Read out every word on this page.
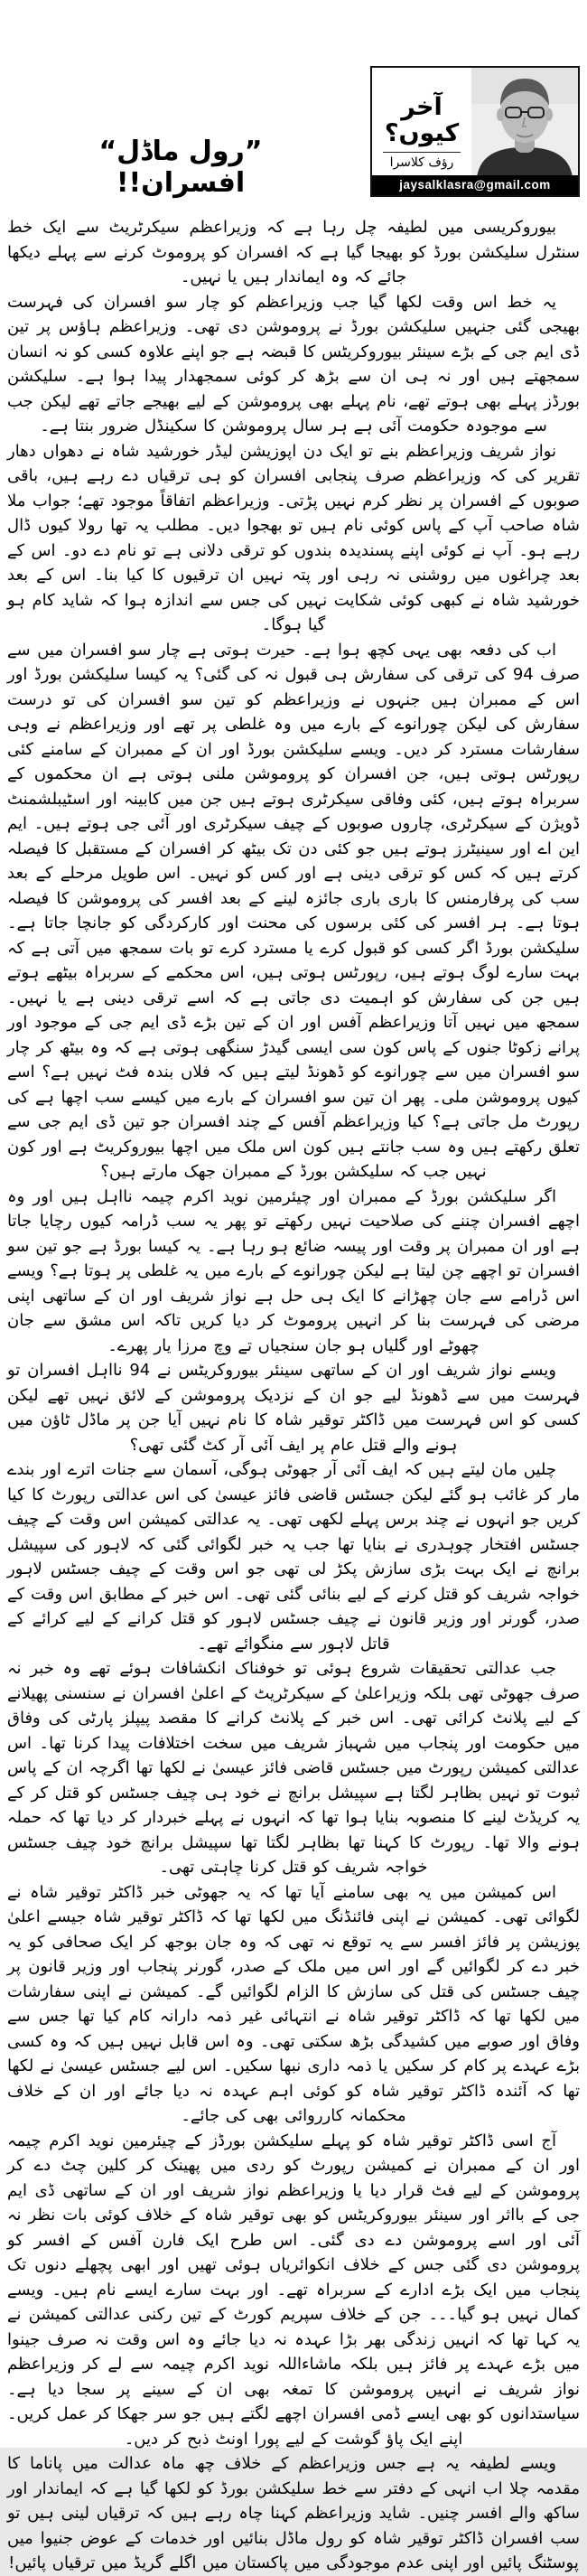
”رول ماڈل“ افسران!!
آخر کیوں؟
رؤف کلاسرا
jaysalklasra@gmail.com

بیوروکریسی میں لطیفہ چل رہا ہے کہ وزیراعظم سیکرٹریٹ سے ایک خط سنٹرل سلیکشن بورڈ کو بھیجا گیا ہے کہ افسران کو پروموٹ کرنے سے پہلے دیکھا جائے کہ وہ ایماندار ہیں یا نہیں۔

یہ خط اس وقت لکھا گیا جب وزیراعظم کو چار سو افسران کی فہرست بھیجی گئی جنہیں سلیکشن بورڈ نے پروموشن دی تھی۔ وزیراعظم ہاؤس پر تین ڈی ایم جی کے بڑے سینئر بیوروکریٹس کا قبضہ ہے جو اپنے علاوہ کسی کو نہ انسان سمجھتے ہیں اور نہ ہی ان سے بڑھ کر کوئی سمجھدار پیدا ہوا ہے۔ سلیکشن بورڈز پہلے بھی ہوتے تھے، نام پہلے بھی پروموشن کے لیے بھیجے جاتے تھے لیکن جب سے موجودہ حکومت آئی ہے ہر سال پروموشن کا سکینڈل ضرور بنتا ہے۔

نواز شریف وزیراعظم بنے تو ایک دن اپوزیشن لیڈر خورشید شاہ نے دھواں دھار تقریر کی کہ وزیراعظم صرف پنجابی افسران کو ہی ترقیاں دے رہے ہیں، باقی صوبوں کے افسران پر نظر کرم نہیں پڑتی۔ وزیراعظم اتفاقاً موجود تھے؛ جواب ملا شاہ صاحب آپ کے پاس کوئی نام ہیں تو بھجوا دیں۔ مطلب یہ تھا رولا کیوں ڈال رہے ہو۔ آپ نے کوئی اپنے پسندیدہ بندوں کو ترقی دلانی ہے تو نام دے دو۔ اس کے بعد چراغوں میں روشنی نہ رہی اور پتہ نہیں ان ترقیوں کا کیا بنا۔ اس کے بعد خورشید شاہ نے کبھی کوئی شکایت نہیں کی جس سے اندازہ ہوا کہ شاید کام ہو گیا ہوگا۔

اب کی دفعہ بھی یہی کچھ ہوا ہے۔ حیرت ہوتی ہے چار سو افسران میں سے صرف 94 کی ترقی کی سفارش ہی قبول نہ کی گئی؟ یہ کیسا سلیکشن بورڈ اور اس کے ممبران ہیں جنہوں نے وزیراعظم کو تین سو افسران کی تو درست سفارش کی لیکن چورانوے کے بارے میں وہ غلطی پر تھے اور وزیراعظم نے وہی سفارشات مسترد کر دیں۔ ویسے سلیکشن بورڈ اور ان کے ممبران کے سامنے کئی رپورٹس ہوتی ہیں، جن افسران کو پروموشن ملنی ہوتی ہے ان محکموں کے سربراہ ہوتے ہیں، کئی وفاقی سیکرٹری ہوتے ہیں جن میں کابینہ اور اسٹیبلشمنٹ ڈویژن کے سیکرٹری، چاروں صوبوں کے چیف سیکرٹری اور آئی جی ہوتے ہیں۔ ایم این اے اور سینیٹرز ہوتے ہیں جو کئی دن تک بیٹھ کر افسران کے مستقبل کا فیصلہ کرتے ہیں کہ کس کو ترقی دینی ہے اور کس کو نہیں۔ اس طویل مرحلے کے بعد سب کی پرفارمنس کا باری باری جائزہ لینے کے بعد افسر کی پروموشن کا فیصلہ ہوتا ہے۔ ہر افسر کی کئی برسوں کی محنت اور کارکردگی کو جانچا جاتا ہے۔ سلیکشن بورڈ اگر کسی کو قبول کرے یا مسترد کرے تو بات سمجھ میں آتی ہے کہ بہت سارے لوگ ہوتے ہیں، رپورٹس ہوتی ہیں، اس محکمے کے سربراہ بیٹھے ہوتے ہیں جن کی سفارش کو اہمیت دی جاتی ہے کہ اسے ترقی دینی ہے یا نہیں۔ سمجھ میں نہیں آتا وزیراعظم آفس اور ان کے تین بڑے ڈی ایم جی کے موجود اور پرانے زکوٹا جنوں کے پاس کون سی ایسی گیدڑ سنگھی ہوتی ہے کہ وہ بیٹھ کر چار سو افسران میں سے چورانوے کو ڈھونڈ لیتے ہیں کہ فلاں بندہ فٹ نہیں ہے؟ اسے کیوں پروموشن ملی۔ پھر ان تین سو افسران کے بارے میں کیسے سب اچھا ہے کی رپورٹ مل جاتی ہے؟ کیا وزیراعظم آفس کے چند افسران جو تین ڈی ایم جی سے تعلق رکھتے ہیں وہ سب جانتے ہیں کون اس ملک میں اچھا بیوروکریٹ ہے اور کون نہیں جب کہ سلیکشن بورڈ کے ممبران جھک مارتے ہیں؟

اگر سلیکشن بورڈ کے ممبران اور چیئرمین نوید اکرم چیمہ نااہل ہیں اور وہ اچھے افسران چننے کی صلاحیت نہیں رکھتے تو پھر یہ سب ڈرامہ کیوں رچایا جاتا ہے اور ان ممبران پر وقت اور پیسہ ضائع ہو رہا ہے۔ یہ کیسا بورڈ ہے جو تین سو افسران تو اچھے چن لیتا ہے لیکن چورانوے کے بارے میں یہ غلطی پر ہوتا ہے؟ ویسے اس ڈرامے سے جان چھڑانے کا ایک ہی حل ہے نواز شریف اور ان کے ساتھی اپنی مرضی کی فہرست بنا کر انہیں پروموٹ کر دیا کریں تاکہ اس مشق سے جان چھوٹے اور گلیاں ہو جان سنجیاں تے وچ مرزا یار پھرے۔

ویسے نواز شریف اور ان کے ساتھی سینئر بیوروکریٹس نے 94 نااہل افسران تو فہرست میں سے ڈھونڈ لیے جو ان کے نزدیک پروموشن کے لائق نہیں تھے لیکن کسی کو اس فہرست میں ڈاکٹر توقیر شاہ کا نام نہیں آیا جن پر ماڈل ٹاؤن میں ہونے والے قتل عام پر ایف آئی آر کٹ گئی تھی؟

چلیں مان لیتے ہیں کہ ایف آئی آر جھوٹی ہوگی، آسمان سے جنات اترے اور بندے مار کر غائب ہو گئے لیکن جسٹس قاضی فائز عیسیٰ کی اس عدالتی رپورٹ کا کیا کریں جو انہوں نے چند برس پہلے لکھی تھی۔ یہ عدالتی کمیشن اس وقت کے چیف جسٹس افتخار چوہدری نے بنایا تھا جب یہ خبر لگوائی گئی کہ لاہور کی سپیشل برانچ نے ایک بہت بڑی سازش پکڑ لی تھی جو اس وقت کے چیف جسٹس لاہور خواجہ شریف کو قتل کرنے کے لیے بنائی گئی تھی۔ اس خبر کے مطابق اس وقت کے صدر، گورنر اور وزیر قانون نے چیف جسٹس لاہور کو قتل کرانے کے لیے کرائے کے قاتل لاہور سے منگوائے تھے۔

جب عدالتی تحقیقات شروع ہوئی تو خوفناک انکشافات ہوئے تھے وہ خبر نہ صرف جھوٹی تھی بلکہ وزیراعلیٰ کے سیکرٹریٹ کے اعلیٰ افسران نے سنسنی پھیلانے کے لیے پلانٹ کرائی تھی۔ اس خبر کے پلانٹ کرانے کا مقصد پیپلز پارٹی کی وفاق میں حکومت اور پنجاب میں شہباز شریف میں سخت اختلافات پیدا کرنا تھا۔ اس عدالتی کمیشن رپورٹ میں جسٹس قاضی فائز عیسیٰ نے لکھا تھا اگرچہ ان کے پاس ثبوت تو نہیں بظاہر لگتا ہے سپیشل برانچ نے خود ہی چیف جسٹس کو قتل کر کے یہ کریڈٹ لینے کا منصوبہ بنایا ہوا تھا کہ انہوں نے پہلے خبردار کر دیا تھا کہ حملہ ہونے والا تھا۔ رپورٹ کا کہنا تھا بظاہر لگتا تھا سپیشل برانچ خود چیف جسٹس خواجہ شریف کو قتل کرنا چاہتی تھی۔

اس کمیشن میں یہ بھی سامنے آیا تھا کہ یہ جھوٹی خبر ڈاکٹر توقیر شاہ نے لگوائی تھی۔ کمیشن نے اپنی فائنڈنگ میں لکھا تھا کہ ڈاکٹر توقیر شاہ جیسے اعلیٰ پوزیشن پر فائز افسر سے یہ توقع نہ تھی کہ وہ جان بوجھ کر ایک صحافی کو یہ خبر دے کر لگوائیں گے اور اس میں ملک کے صدر، گورنر پنجاب اور وزیر قانون پر چیف جسٹس کی قتل کی سازش کا الزام لگوائیں گے۔ کمیشن نے اپنی سفارشات میں لکھا تھا کہ ڈاکٹر توقیر شاہ نے انتہائی غیر ذمہ دارانہ کام کیا تھا جس سے وفاق اور صوبے میں کشیدگی بڑھ سکتی تھی۔ وہ اس قابل نہیں ہیں کہ وہ کسی بڑے عہدے پر کام کر سکیں یا ذمہ داری نبھا سکیں۔ اس لیے جسٹس عیسیٰ نے لکھا تھا کہ آئندہ ڈاکٹر توقیر شاہ کو کوئی اہم عہدہ نہ دیا جائے اور ان کے خلاف محکمانہ کارروائی بھی کی جائے۔

آج اسی ڈاکٹر توقیر شاہ کو پہلے سلیکشن بورڈز کے چیئرمین نوید اکرم چیمہ اور ان کے ممبران نے کمیشن رپورٹ کو ردی میں پھینک کر کلین چٹ دے کر پروموشن کے لیے فٹ قرار دیا یا وزیراعظم نواز شریف اور ان کے ساتھی ڈی ایم جی کے بااثر اور سینئر بیوروکریٹس کو بھی توقیر شاہ کے خلاف کوئی بات نظر نہ آئی اور اسے پروموشن دے دی گئی۔ اس طرح ایک فارن آفس کے افسر کو پروموشن دی گئی جس کے خلاف انکوائریاں ہوئی تھیں اور ابھی پچھلے دنوں تک پنجاب میں ایک بڑے ادارے کے سربراہ تھے۔ اور بہت سارے ایسے نام ہیں۔ ویسے کمال نہیں ہو گیا۔۔۔ جن کے خلاف سپریم کورٹ کے تین رکنی عدالتی کمیشن نے یہ کہا تھا کہ انہیں زندگی بھر بڑا عہدہ نہ دیا جائے وہ اس وقت نہ صرف جینوا میں بڑے عہدے پر فائز ہیں بلکہ ماشاءاللہ نوید اکرم چیمہ سے لے کر وزیراعظم نواز شریف نے انہیں پروموشن کا تمغہ بھی ان کے سینے پر سجا دیا ہے۔ سیاستدانوں کو بھی ایسے ڈمی افسران اچھے لگتے ہیں جو سر جھکا کر عمل کریں۔ اپنے ایک پاؤ گوشت کے لیے پورا اونٹ ذبح کر دیں۔

ویسے لطیفہ یہ ہے جس وزیراعظم کے خلاف چھ ماہ عدالت میں پاناما کا مقدمہ چلا اب انہی کے دفتر سے خط سلیکشن بورڈ کو لکھا گیا ہے کہ ایماندار اور ساکھ والے افسر چنیں۔ شاید وزیراعظم کہنا چاہ رہے ہیں کہ ترقیاں لینی ہیں تو سب افسران ڈاکٹر توقیر شاہ کو رول ماڈل بنائیں اور خدمات کے عوض جنیوا میں پوسٹنگ پائیں اور اپنی عدم موجودگی میں پاکستان میں اگلے گریڈ میں ترقیاں پائیں!
